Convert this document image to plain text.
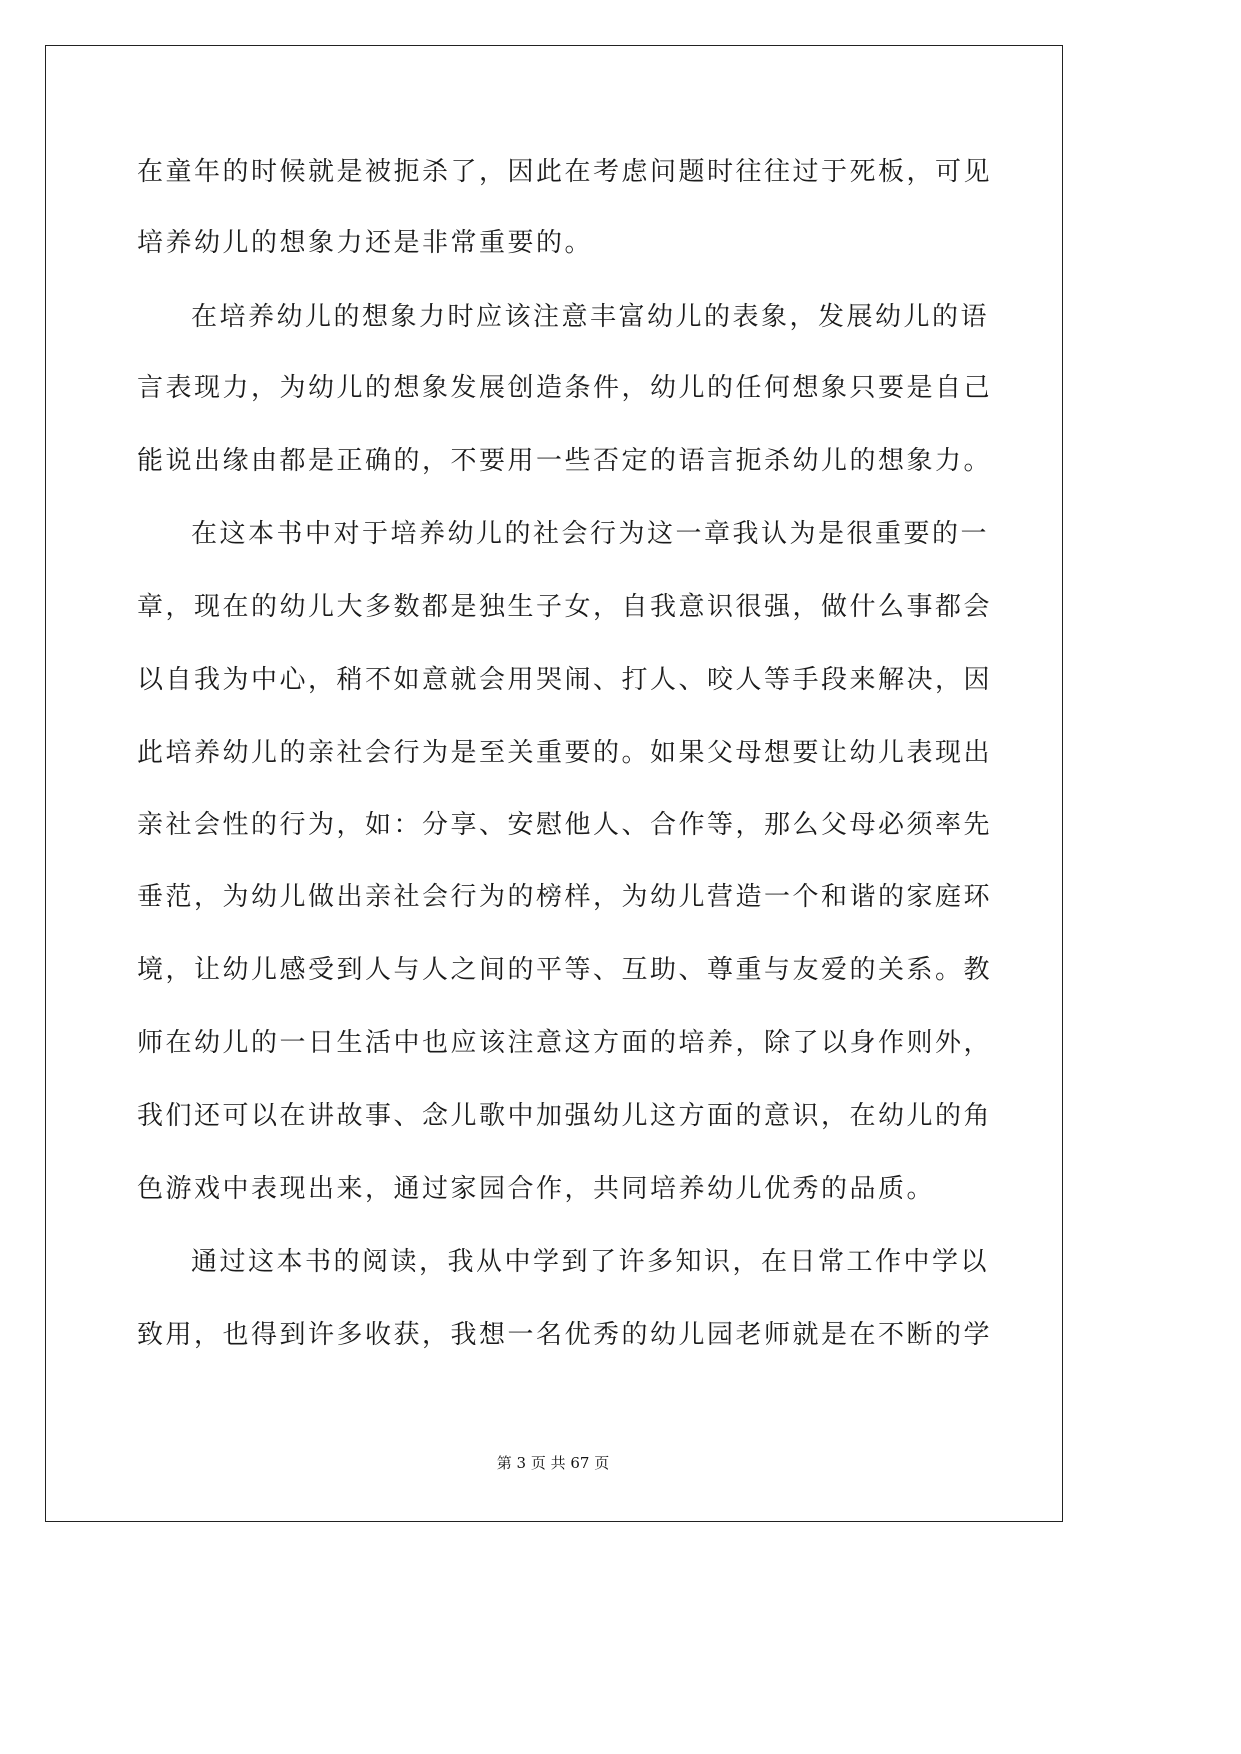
在童年的时候就是被扼杀了，因此在考虑问题时往往过于死板，可见
培养幼儿的想象力还是非常重要的。
在培养幼儿的想象力时应该注意丰富幼儿的表象，发展幼儿的语
言表现力，为幼儿的想象发展创造条件，幼儿的任何想象只要是自己
能说出缘由都是正确的，不要用一些否定的语言扼杀幼儿的想象力。
在这本书中对于培养幼儿的社会行为这一章我认为是很重要的一
章，现在的幼儿大多数都是独生子女，自我意识很强，做什么事都会
以自我为中心，稍不如意就会用哭闹、打人、咬人等手段来解决，因
此培养幼儿的亲社会行为是至关重要的。如果父母想要让幼儿表现出
亲社会性的行为，如：分享、安慰他人、合作等，那么父母必须率先
垂范，为幼儿做出亲社会行为的榜样，为幼儿营造一个和谐的家庭环
境，让幼儿感受到人与人之间的平等、互助、尊重与友爱的关系。教
师在幼儿的一日生活中也应该注意这方面的培养，除了以身作则外，
我们还可以在讲故事、念儿歌中加强幼儿这方面的意识，在幼儿的角
色游戏中表现出来，通过家园合作，共同培养幼儿优秀的品质。
通过这本书的阅读，我从中学到了许多知识，在日常工作中学以
致用，也得到许多收获，我想一名优秀的幼儿园老师就是在不断的学
第 3 页 共 67 页
